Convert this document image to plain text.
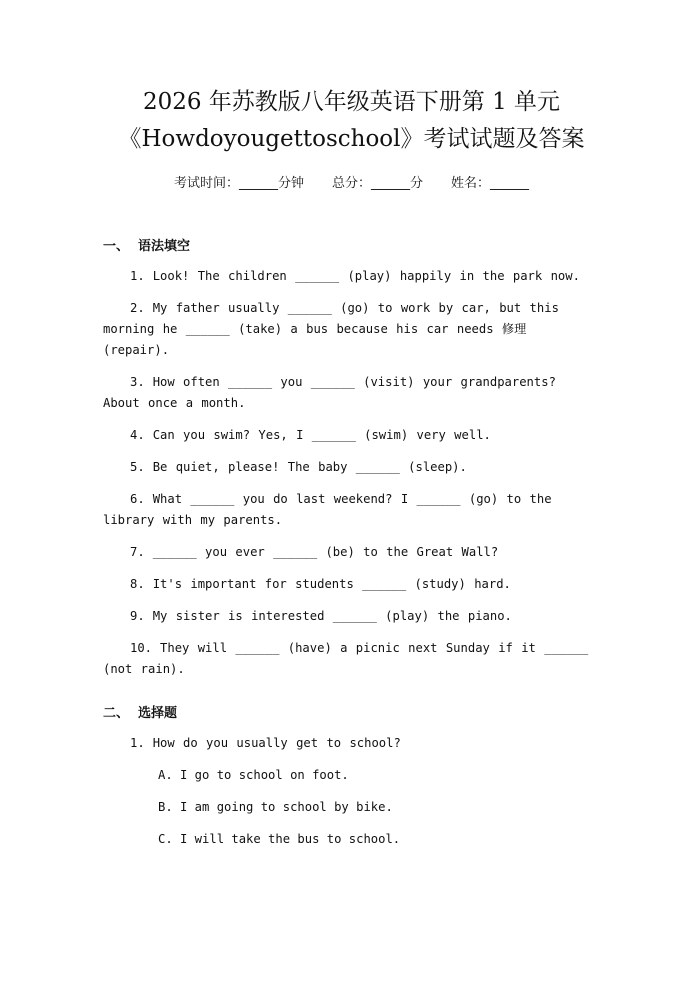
2026 年苏教版八年级英语下册第 1 单元
《Howdoyougettoschool》考试试题及答案
考试时间：______分钟 总分：______分 姓名：______
一、  语法填空
1. Look! The children ______ (play) happily in the park now.
2. My father usually ______ (go) to work by car, but this morning he ______ (take) a bus because his car needs 修理 (repair).
3. How often ______ you ______ (visit) your grandparents? About once a month.
4. Can you swim? Yes, I ______ (swim) very well.
5. Be quiet, please! The baby ______ (sleep).
6. What ______ you do last weekend? I ______ (go) to the library with my parents.
7. ______ you ever ______ (be) to the Great Wall?
8. It's important for students ______ (study) hard.
9. My sister is interested ______ (play) the piano.
10. They will ______ (have) a picnic next Sunday if it ______ (not rain).
二、  选择题
1. How do you usually get to school?
A. I go to school on foot.
B. I am going to school by bike.
C. I will take the bus to school.
